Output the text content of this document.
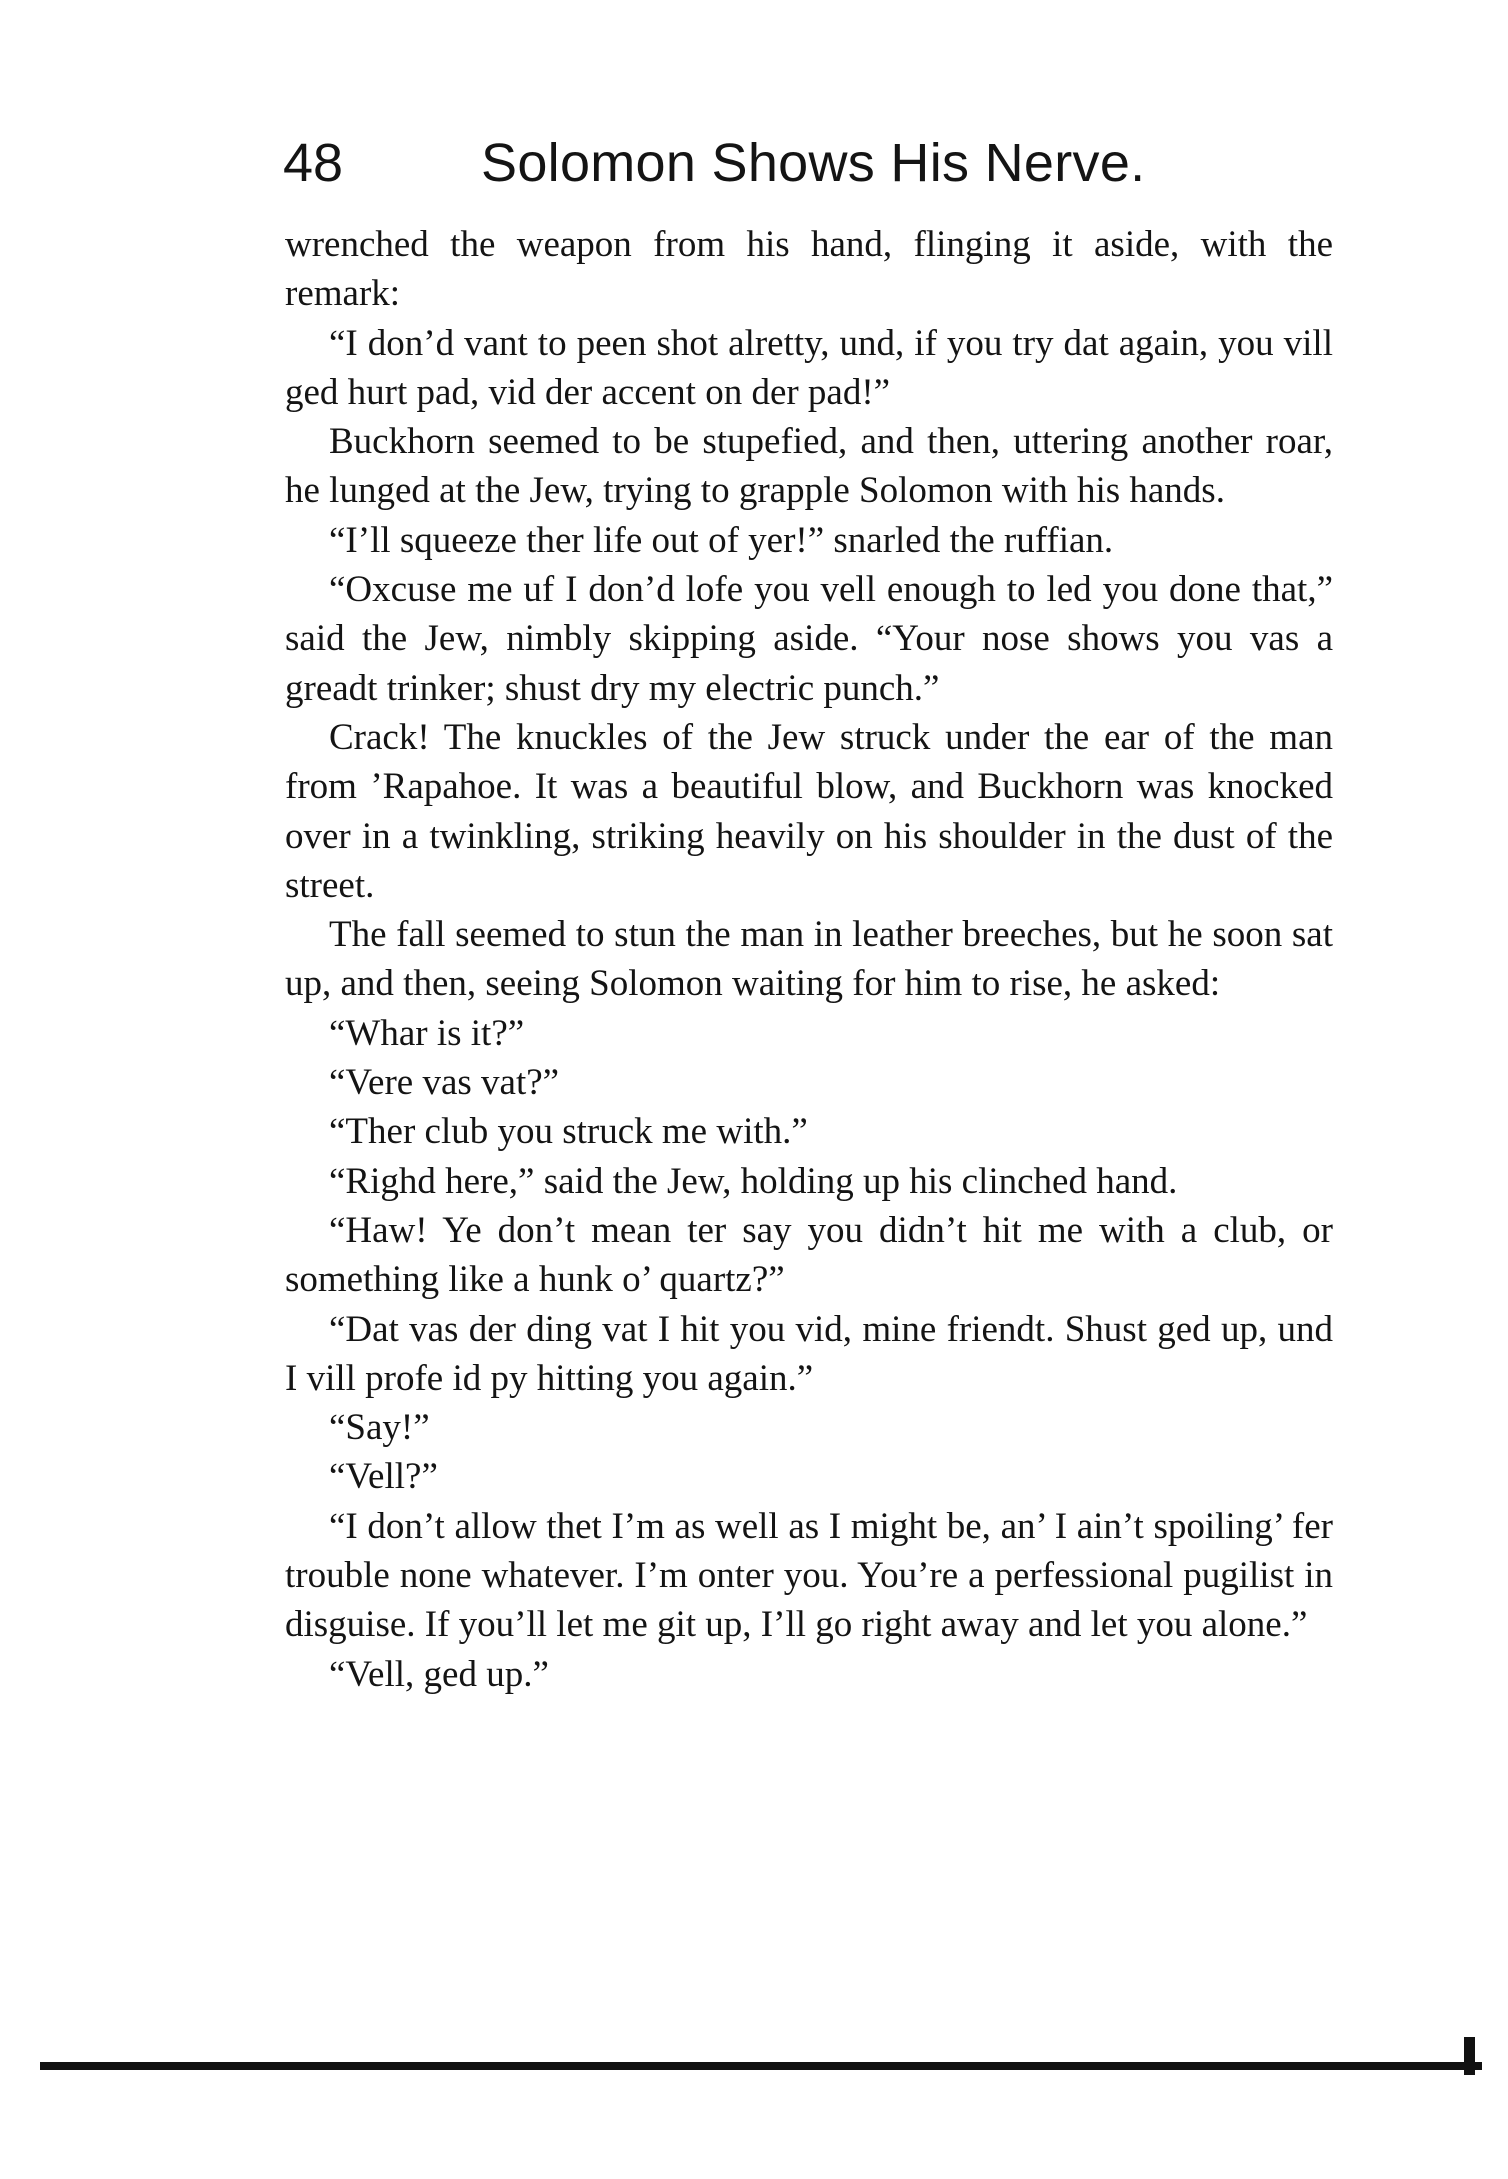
48	Solomon Shows His Nerve.

wrenched the weapon from his hand, flinging it aside, with the remark:

“I don’d vant to peen shot alretty, und, if you try dat again, you vill ged hurt pad, vid der accent on der pad!”

Buckhorn seemed to be stupefied, and then, uttering another roar, he lunged at the Jew, trying to grapple Solomon with his hands.

“I’ll squeeze ther life out of yer!” snarled the ruffian.

“Oxcuse me uf I don’d lofe you vell enough to led you done that,” said the Jew, nimbly skipping aside. “Your nose shows you vas a greadt trinker; shust dry my electric punch.”

Crack! The knuckles of the Jew struck under the ear of the man from ’Rapahoe. It was a beautiful blow, and Buckhorn was knocked over in a twinkling, striking heavily on his shoulder in the dust of the street.

The fall seemed to stun the man in leather breeches, but he soon sat up, and then, seeing Solomon waiting for him to rise, he asked:

“Whar is it?”

“Vere vas vat?”

“Ther club you struck me with.”

“Righd here,” said the Jew, holding up his clinched hand.

“Haw! Ye don’t mean ter say you didn’t hit me with a club, or something like a hunk o’ quartz?”

“Dat vas der ding vat I hit you vid, mine friendt. Shust ged up, und I vill profe id py hitting you again.”

“Say!”

“Vell?”

“I don’t allow thet I’m as well as I might be, an’ I ain’t spoiling’ fer trouble none whatever. I’m onter you. You’re a perfessional pugilist in disguise. If you’ll let me git up, I’ll go right away and let you alone.”

“Vell, ged up.”
